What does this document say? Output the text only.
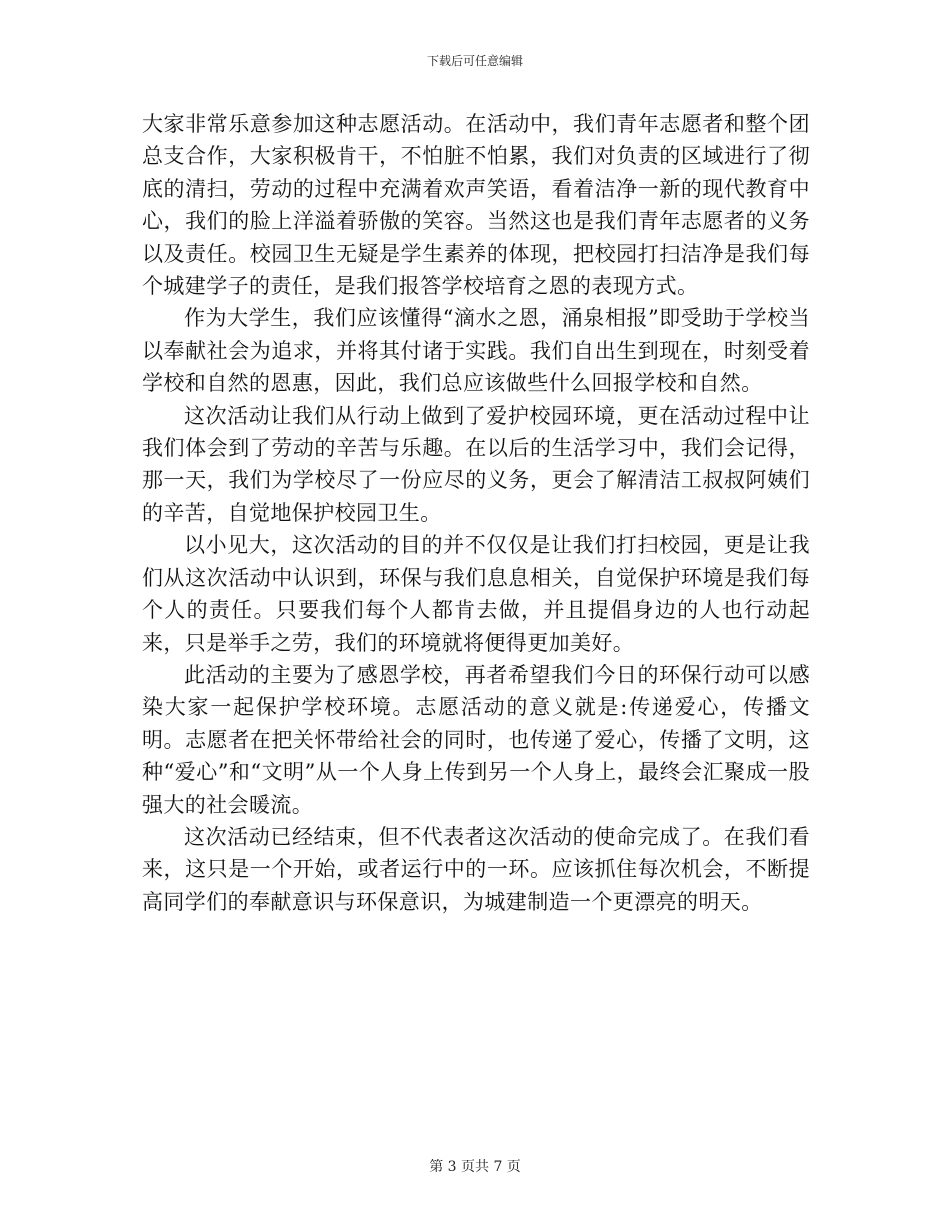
下载后可任意编辑

大家非常乐意参加这种志愿活动。在活动中，我们青年志愿者和整个团总支合作，大家积极肯干，不怕脏不怕累，我们对负责的区域进行了彻底的清扫，劳动的过程中充满着欢声笑语，看着洁净一新的现代教育中心，我们的脸上洋溢着骄傲的笑容。当然这也是我们青年志愿者的义务以及责任。校园卫生无疑是学生素养的体现，把校园打扫洁净是我们每个城建学子的责任，是我们报答学校培育之恩的表现方式。

作为大学生，我们应该懂得“滴水之恩，涌泉相报”即受助于学校当以奉献社会为追求，并将其付诸于实践。我们自出生到现在，时刻受着学校和自然的恩惠，因此，我们总应该做些什么回报学校和自然。

这次活动让我们从行动上做到了爱护校园环境，更在活动过程中让我们体会到了劳动的辛苦与乐趣。在以后的生活学习中，我们会记得，那一天，我们为学校尽了一份应尽的义务，更会了解清洁工叔叔阿姨们的辛苦，自觉地保护校园卫生。

以小见大，这次活动的目的并不仅仅是让我们打扫校园，更是让我们从这次活动中认识到，环保与我们息息相关，自觉保护环境是我们每个人的责任。只要我们每个人都肯去做，并且提倡身边的人也行动起来，只是举手之劳，我们的环境就将便得更加美好。

此活动的主要为了感恩学校，再者希望我们今日的环保行动可以感染大家一起保护学校环境。志愿活动的意义就是:传递爱心，传播文明。志愿者在把关怀带给社会的同时，也传递了爱心，传播了文明，这种“爱心”和“文明”从一个人身上传到另一个人身上，最终会汇聚成一股强大的社会暖流。

这次活动已经结束，但不代表者这次活动的使命完成了。在我们看来，这只是一个开始，或者运行中的一环。应该抓住每次机会，不断提高同学们的奉献意识与环保意识，为城建制造一个更漂亮的明天。

第 3 页共 7 页
